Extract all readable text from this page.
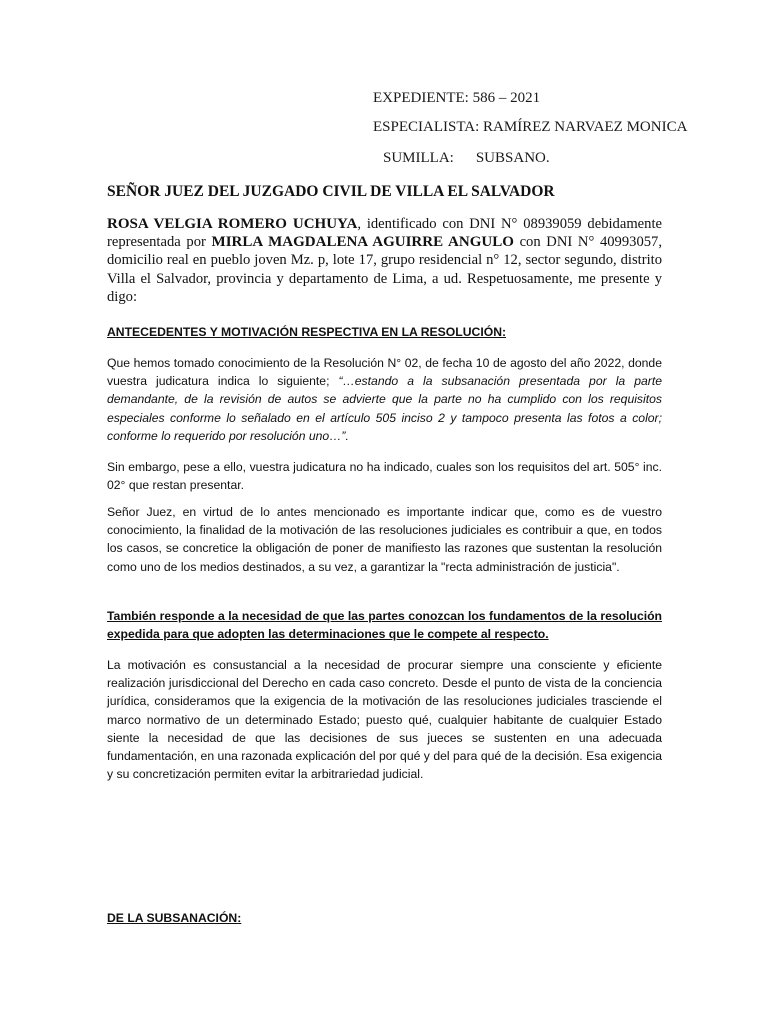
EXPEDIENTE: 586 – 2021
ESPECIALISTA: RAMÍREZ NARVAEZ MONICA
SUMILLA: SUBSANO.
SEÑOR JUEZ DEL JUZGADO CIVIL DE VILLA EL SALVADOR
ROSA VELGIA ROMERO UCHUYA, identificado con DNI N° 08939059 debidamente representada por MIRLA MAGDALENA AGUIRRE ANGULO con DNI N° 40993057, domicilio real en pueblo joven Mz. p, lote 17, grupo residencial n° 12, sector segundo, distrito Villa el Salvador, provincia y departamento de Lima, a ud. Respetuosamente, me presente y digo:
ANTECEDENTES Y MOTIVACIÓN RESPECTIVA EN LA RESOLUCIÓN:
Que hemos tomado conocimiento de la Resolución N° 02, de fecha 10 de agosto del año 2022, donde vuestra judicatura indica lo siguiente; “…estando a la subsanación presentada por la parte demandante, de la revisión de autos se advierte que la parte no ha cumplido con los requisitos especiales conforme lo señalado en el artículo 505 inciso 2 y tampoco presenta las fotos a color; conforme lo requerido por resolución uno…”.
Sin embargo, pese a ello, vuestra judicatura no ha indicado, cuales son los requisitos del art. 505° inc. 02° que restan presentar.
Señor Juez, en virtud de lo antes mencionado es importante indicar que, como es de vuestro conocimiento, la finalidad de la motivación de las resoluciones judiciales es contribuir a que, en todos los casos, se concretice la obligación de poner de manifiesto las razones que sustentan la resolución como uno de los medios destinados, a su vez, a garantizar la "recta administración de justicia".
También responde a la necesidad de que las partes conozcan los fundamentos de la resolución expedida para que adopten las determinaciones que le compete al respecto.
La motivación es consustancial a la necesidad de procurar siempre una consciente y eficiente realización jurisdiccional del Derecho en cada caso concreto. Desde el punto de vista de la conciencia jurídica, consideramos que la exigencia de la motivación de las resoluciones judiciales trasciende el marco normativo de un determinado Estado; puesto qué, cualquier habitante de cualquier Estado siente la necesidad de que las decisiones de sus jueces se sustenten en una adecuada fundamentación, en una razonada explicación del por qué y del para qué de la decisión. Esa exigencia y su concretización permiten evitar la arbitrariedad judicial.
DE LA SUBSANACIÓN:
